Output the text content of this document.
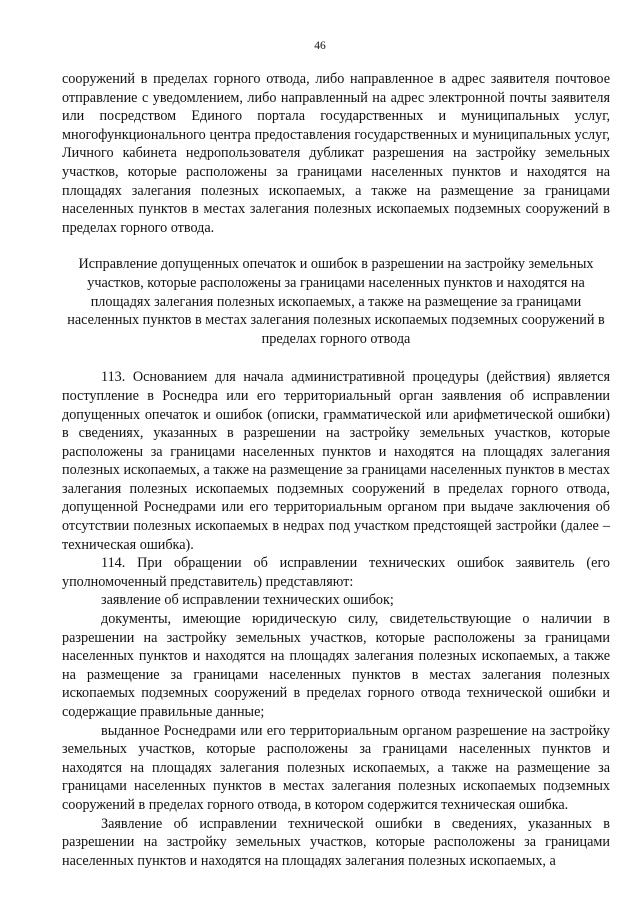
46

сооружений в пределах горного отвода, либо направленное в адрес заявителя почтовое отправление с уведомлением, либо направленный на адрес электронной почты заявителя или посредством Единого портала государственных и муниципальных услуг, многофункционального центра предоставления государственных и муниципальных услуг, Личного кабинета недропользователя дубликат разрешения на застройку земельных участков, которые расположены за границами населенных пунктов и находятся на площадях залегания полезных ископаемых, а также на размещение за границами населенных пунктов в местах залегания полезных ископаемых подземных сооружений в пределах горного отвода.

Исправление допущенных опечаток и ошибок в разрешении на застройку земельных участков, которые расположены за границами населенных пунктов и находятся на площадях залегания полезных ископаемых, а также на размещение за границами населенных пунктов в местах залегания полезных ископаемых подземных сооружений в пределах горного отвода

113. Основанием для начала административной процедуры (действия) является поступление в Роснедра или его территориальный орган заявления об исправлении допущенных опечаток и ошибок (описки, грамматической или арифметической ошибки) в сведениях, указанных в разрешении на застройку земельных участков, которые расположены за границами населенных пунктов и находятся на площадях залегания полезных ископаемых, а также на размещение за границами населенных пунктов в местах залегания полезных ископаемых подземных сооружений в пределах горного отвода, допущенной Роснедрами или его территориальным органом при выдаче заключения об отсутствии полезных ископаемых в недрах под участком предстоящей застройки (далее – техническая ошибка).

114. При обращении об исправлении технических ошибок заявитель (его уполномоченный представитель) представляют:

заявление об исправлении технических ошибок;

документы, имеющие юридическую силу, свидетельствующие о наличии в разрешении на застройку земельных участков, которые расположены за границами населенных пунктов и находятся на площадях залегания полезных ископаемых, а также на размещение за границами населенных пунктов в местах залегания полезных ископаемых подземных сооружений в пределах горного отвода технической ошибки и содержащие правильные данные;

выданное Роснедрами или его территориальным органом разрешение на застройку земельных участков, которые расположены за границами населенных пунктов и находятся на площадях залегания полезных ископаемых, а также на размещение за границами населенных пунктов в местах залегания полезных ископаемых подземных сооружений в пределах горного отвода, в котором содержится техническая ошибка.

Заявление об исправлении технической ошибки в сведениях, указанных в разрешении на застройку земельных участков, которые расположены за границами населенных пунктов и находятся на площадях залегания полезных ископаемых, а
